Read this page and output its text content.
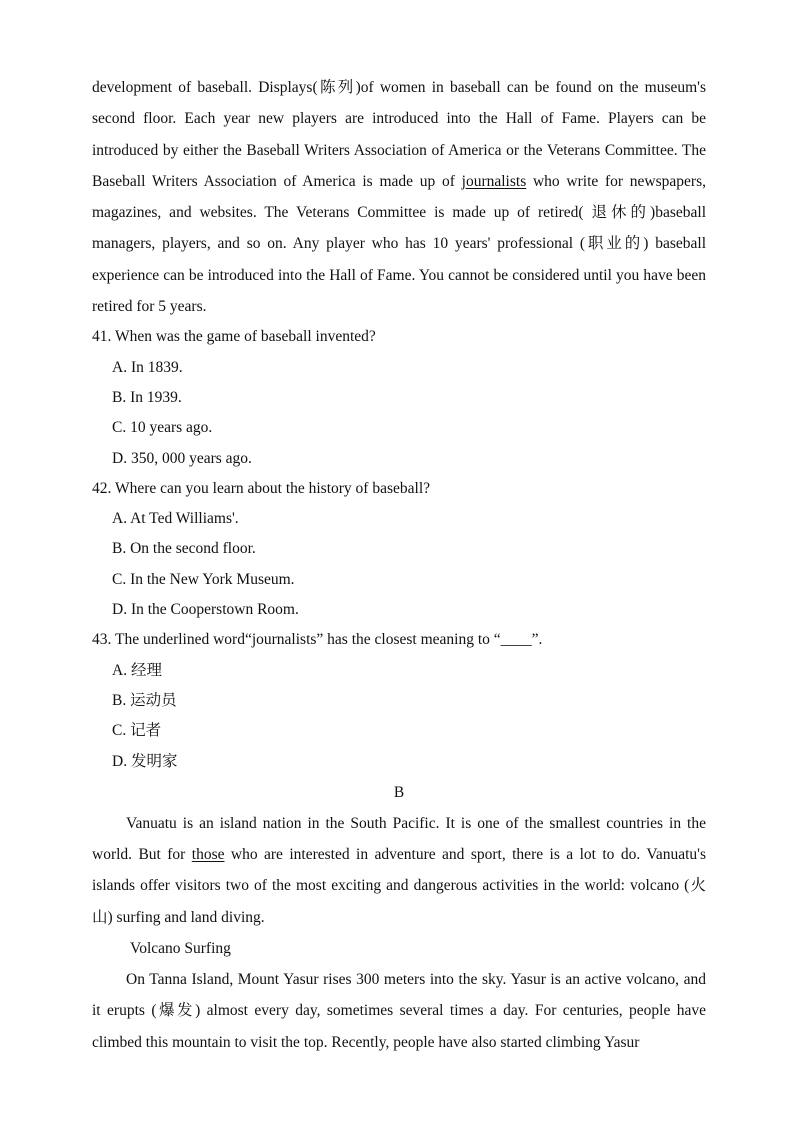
development of baseball. Displays(陈列)of women in baseball can be found on the museum's second floor. Each year new players are introduced into the Hall of Fame. Players can be introduced by either the Baseball Writers Association of America or the Veterans Committee. The Baseball Writers Association of America is made up of journalists who write for newspapers, magazines, and websites. The Veterans Committee is made up of retired( 退休的)baseball managers, players, and so on. Any player who has 10 years' professional (职业的) baseball experience can be introduced into the Hall of Fame. You cannot be considered until you have been retired for 5 years.

41. When was the game of baseball invented?

A. In 1839.
B. In 1939.
C. 10 years ago.
D. 350, 000 years ago.

42. Where can you learn about the history of baseball?

A. At Ted Williams'.
B. On the second floor.
C. In the New York Museum.
D. In the Cooperstown Room.

43. The underlined word“journalists” has the closest meaning to “____”.

A. 经理
B. 运动员
C. 记者
D. 发明家

B

Vanuatu is an island nation in the South Pacific. It is one of the smallest countries in the world. But for those who are interested in adventure and sport, there is a lot to do. Vanuatu's islands offer visitors two of the most exciting and dangerous activities in the world: volcano (火山) surfing and land diving.

Volcano Surfing

On Tanna Island, Mount Yasur rises 300 meters into the sky. Yasur is an active volcano, and it erupts (爆发) almost every day, sometimes several times a day. For centuries, people have climbed this mountain to visit the top. Recently, people have also started climbing Yasur
